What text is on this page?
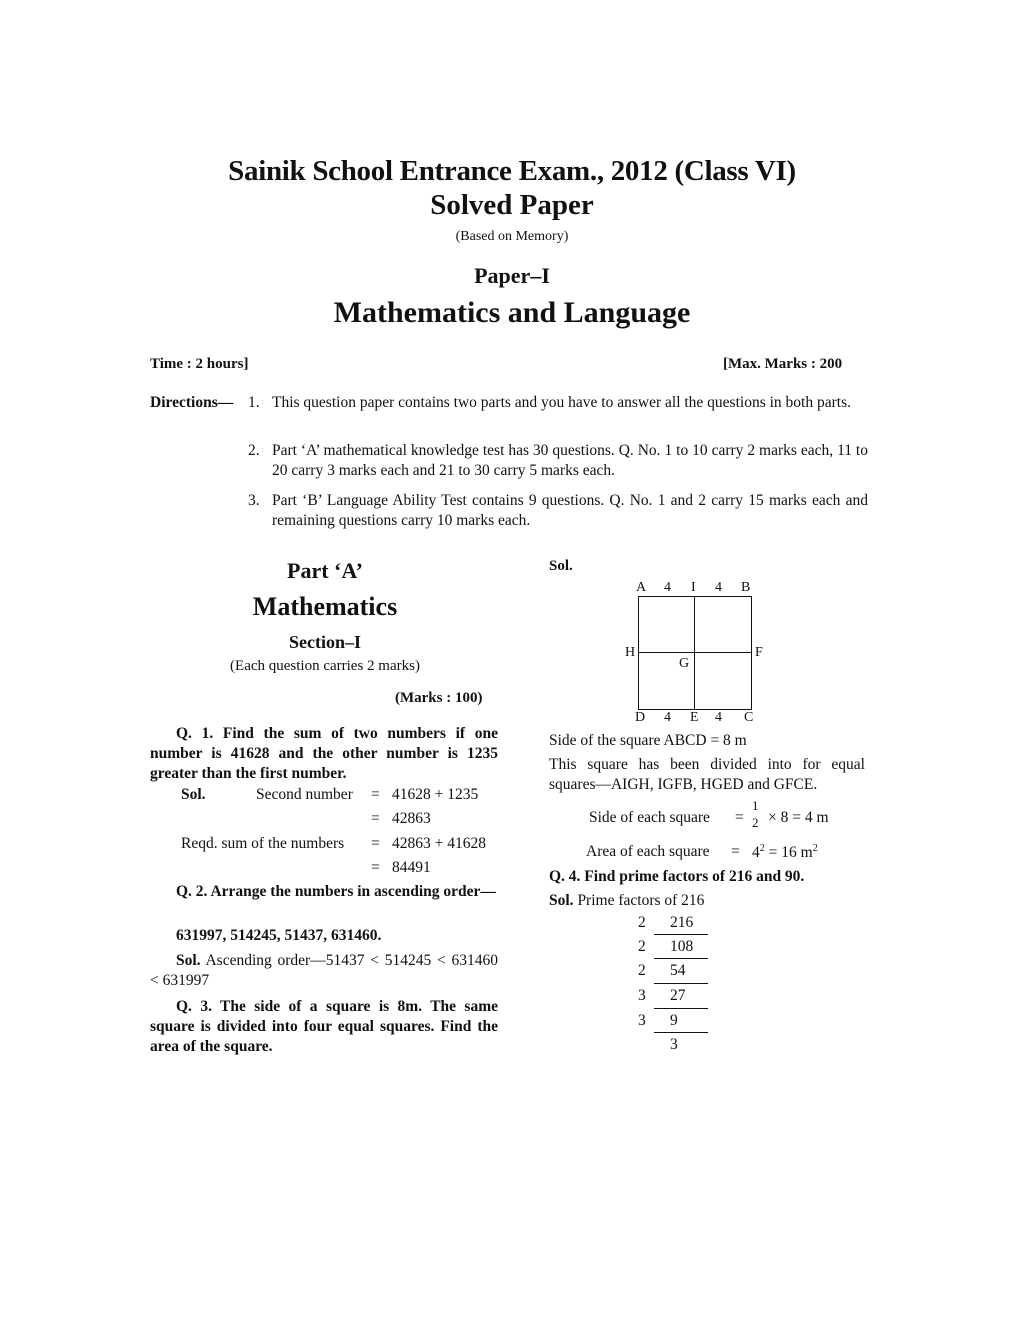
Sainik School Entrance Exam., 2012 (Class VI)
Solved Paper
(Based on Memory)
Paper–I
Mathematics and Language
Time : 2 hours]	[Max. Marks : 200
Directions— 1. This question paper contains two parts and you have to answer all the questions in both parts.
2. Part ‘A’ mathematical knowledge test has 30 questions. Q. No. 1 to 10 carry 2 marks each, 11 to 20 carry 3 marks each and 21 to 30 carry 5 marks each.
3. Part ‘B’ Language Ability Test contains 9 questions. Q. No. 1 and 2 carry 15 marks each and remaining questions carry 10 marks each.
Part ‘A’
Mathematics
Section–I
(Each question carries 2 marks)
(Marks : 100)
Q. 1. Find the sum of two numbers if one number is 41628 and the other number is 1235 greater than the first number.
Sol.	Second number = 41628 + 1235
= 42863
Reqd. sum of the numbers = 42863 + 41628
= 84491
Q. 2. Arrange the numbers in ascending order—
631997, 514245, 51437, 631460.
Sol. Ascending order—51437 < 514245 < 631460 < 631997
Q. 3. The side of a square is 8m. The same square is divided into four equal squares. Find the area of the square.
Sol.
A 4 I 4 B
D 4 E 4 C
H	F
G
Side of the square ABCD = 8 m
This square has been divided into for equal squares—AIGH, IGFB, HGED and GFCE.
Side of each square =
1
2 × 8 = 4 m
Area of each square = $4^2 = 16$ $m^2$
Q. 4. Find prime factors of 216 and 90.
Sol. Prime factors of 216
2 216
2 108
2 54
3 27
3 9
3
